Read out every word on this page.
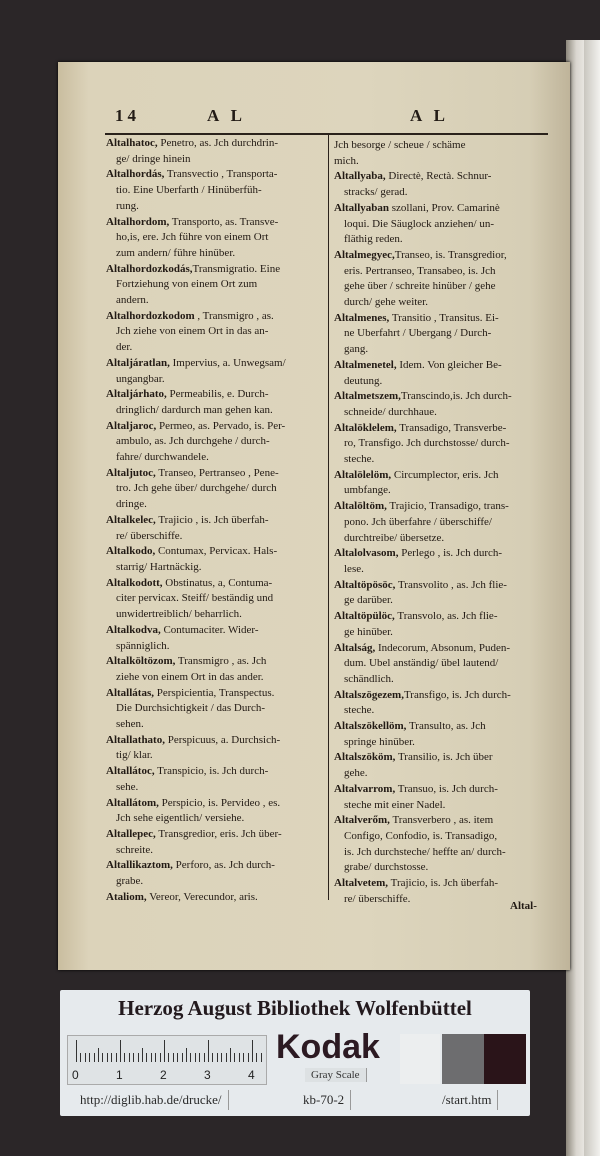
14	A L	A L
Altalhatoc, Penetro, as. Jch durchdrin-
ge/ dringe hinein
Altalhordás, Transvectio , Transporta-
tio. Eine Uberfarth / Hinüberfüh-
rung.
Altalhordom, Transporto, as. Transve-
ho,is, ere. Jch führe von einem Ort
zum andern/ führe hinüber.
Altalhordozkodás,Transmigratio. Eine
Fortziehung von einem Ort zum
andern.
Altalhordozkodom , Transmigro , as.
Jch ziehe von einem Ort in das an-
der.
Altaljáratlan, Impervius, a. Unwegsam/
ungangbar.
Altaljárhato, Permeabilis, e. Durch-
dringlich/ dardurch man gehen kan.
Altaljaroc, Permeo, as. Pervado, is. Per-
ambulo, as. Jch durchgehe / durch-
fahre/ durchwandele.
Altaljutoc, Transeo, Pertranseo , Pene-
tro. Jch gehe über/ durchgehe/ durch
dringe.
Altalkelec, Trajicio , is. Jch überfah-
re/ überschiffe.
Altalkodo, Contumax, Pervicax. Hals-
starrig/ Hartnäckig.
Altalkodott, Obstinatus, a, Contuma-
citer pervicax. Steiff/ beständig und
unwidertreiblich/ beharrlich.
Altalkodva, Contumaciter. Wider-
spänniglich.
Altalköltözom, Transmigro , as. Jch
ziehe von einem Ort in das ander.
Altallátas, Perspicientia, Transpectus.
Die Durchsichtigkeit / das Durch-
sehen.
Altallathato, Perspicuus, a. Durchsich-
tig/ klar.
Altallátoc, Transpicio, is. Jch durch-
sehe.
Altallátom, Perspicio, is. Pervideo , es.
Jch sehe eigentlich/ versiehe.
Altallepec, Transgredior, eris. Jch über-
schreite.
Altallikaztom, Perforo, as. Jch durch-
grabe.
Ataliom, Vereor, Verecundor, aris.
Jch besorge / scheue / schäme
mich.
Altallyaba, Directè, Rectà. Schnur-
stracks/ gerad.
Altallyaban szollani, Prov. Camarinè
loqui. Die Säuglock anziehen/ un-
fläthig reden.
Altalmegyec,Transeo, is. Transgredior,
eris. Pertranseo, Transabeo, is. Jch
gehe über / schreite hinüber / gehe
durch/ gehe weiter.
Altalmenes, Transitio , Transitus. Ei-
ne Uberfahrt / Ubergang / Durch-
gang.
Altalmenetel, Idem. Von gleicher Be-
deutung.
Altalmetszem,Transcindo,is. Jch durch-
schneide/ durchhaue.
Altalöklelem, Transadigo, Transverbe-
ro, Transfigo. Jch durchstosse/ durch-
steche.
Altalölelöm, Circumplector, eris. Jch
umbfange.
Altalöltöm, Trajicio, Transadigo, trans-
pono. Jch überfahre / überschiffe/
durchtreibe/ übersetze.
Altalolvasom, Perlego , is. Jch durch-
lese.
Altaltöpösöc, Transvolito , as. Jch flie-
ge darüber.
Altaltöpülöc, Transvolo, as. Jch flie-
ge hinüber.
Altalság, Indecorum, Absonum, Puden-
dum. Ubel anständig/ übel lautend/
schändlich.
Altalszögezem,Transfigo, is. Jch durch-
steche.
Altalszökellöm, Transulto, as. Jch
springe hinüber.
Altalszököm, Transilio, is. Jch über
gehe.
Altalvarrom, Transuo, is. Jch durch-
steche mit einer Nadel.
Altalverőm, Transverbero , as. item
Configo, Confodio, is. Transadigo,
is. Jch durchsteche/ heffte an/ durch-
grabe/ durchstosse.
Altalvetem, Trajicio, is. Jch überfah-
re/ überschiffe.
Altal-
Herzog August Bibliothek Wolfenbüttel
0	1	2	3	4
Kodak
Gray Scale
http://diglib.hab.de/drucke/	kb-70-2	/start.htm
